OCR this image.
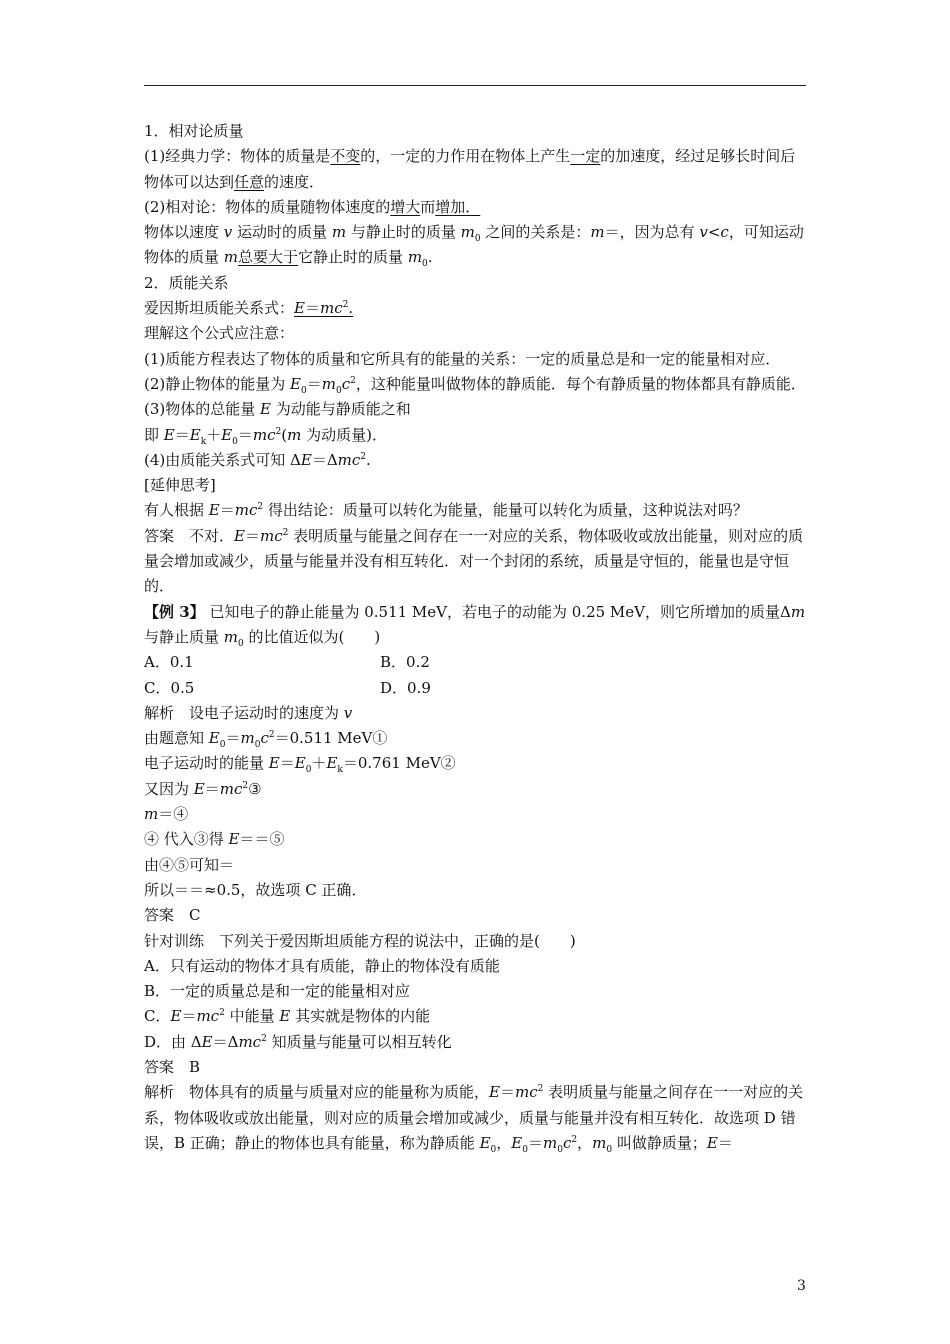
1．相对论质量

(1)经典力学：物体的质量是不变的，一定的力作用在物体上产生一定的加速度，经过足够长时间后物体可以达到任意的速度．

(2)相对论：物体的质量随物体速度的增大而增加．

物体以速度 v 运动时的质量 m 与静止时的质量 $m_0$ 之间的关系是：m＝，因为总有 v<c，可知运动物体的质量 m总要大于它静止时的质量 $m_0$.

2．质能关系

爱因斯坦质能关系式：$E=mc^2$.

理解这个公式应注意：

(1)质能方程表达了物体的质量和它所具有的能量的关系：一定的质量总是和一定的能量相对应．

(2)静止物体的能量为 $E_0=m_0c^2$，这种能量叫做物体的静质能．每个有静质量的物体都具有静质能．

(3)物体的总能量 E 为动能与静质能之和

即 $E=E_k+E_0=mc^2(m$ 为动质量)．

(4)由质能关系式可知 ΔE＝Δmc$^2$.

[延伸思考]

有人根据 $E=mc^2$ 得出结论：质量可以转化为能量，能量可以转化为质量，这种说法对吗？

答案　不对．$E=mc^2$ 表明质量与能量之间存在一一对应的关系，物体吸收或放出能量，则对应的质量会增加或减少，质量与能量并没有相互转化．对一个封闭的系统，质量是守恒的，能量也是守恒的．

【例 3】 已知电子的静止能量为 0.511 MeV，若电子的动能为 0.25 MeV，则它所增加的质量Δm 与静止质量 $m_0$ 的比值近似为(　　)

A．0.1	B．0.2

C．0.5	D．0.9

解析　设电子运动时的速度为 v

由题意知 $E_0=m_0c^2=0.511$ MeV①

电子运动时的能量 $E=E_0+E_k=0.761$ MeV②

又因为 $E=mc^2③$

m＝④

④ 代入③得 E＝＝⑤

由④⑤可知＝

所以＝＝≈0.5，故选项 C 正确．

答案　C

针对训练　下列关于爱因斯坦质能方程的说法中，正确的是(　　)

A．只有运动的物体才具有质能，静止的物体没有质能

B．一定的质量总是和一定的能量相对应

C．$E=mc^2$ 中能量 E 其实就是物体的内能

D．由 ΔE＝Δmc$^2$ 知质量与能量可以相互转化

答案　B

解析　物体具有的质量与质量对应的能量称为质能，$E=mc^2$ 表明质量与能量之间存在一一对应的关系，物体吸收或放出能量，则对应的质量会增加或减少，质量与能量并没有相互转化．故选项 D 错误，B 正确；静止的物体也具有能量，称为静质能 $E_0$，$E_0=m_0c^2$，$m_0$ 叫做静质量；E＝

3
